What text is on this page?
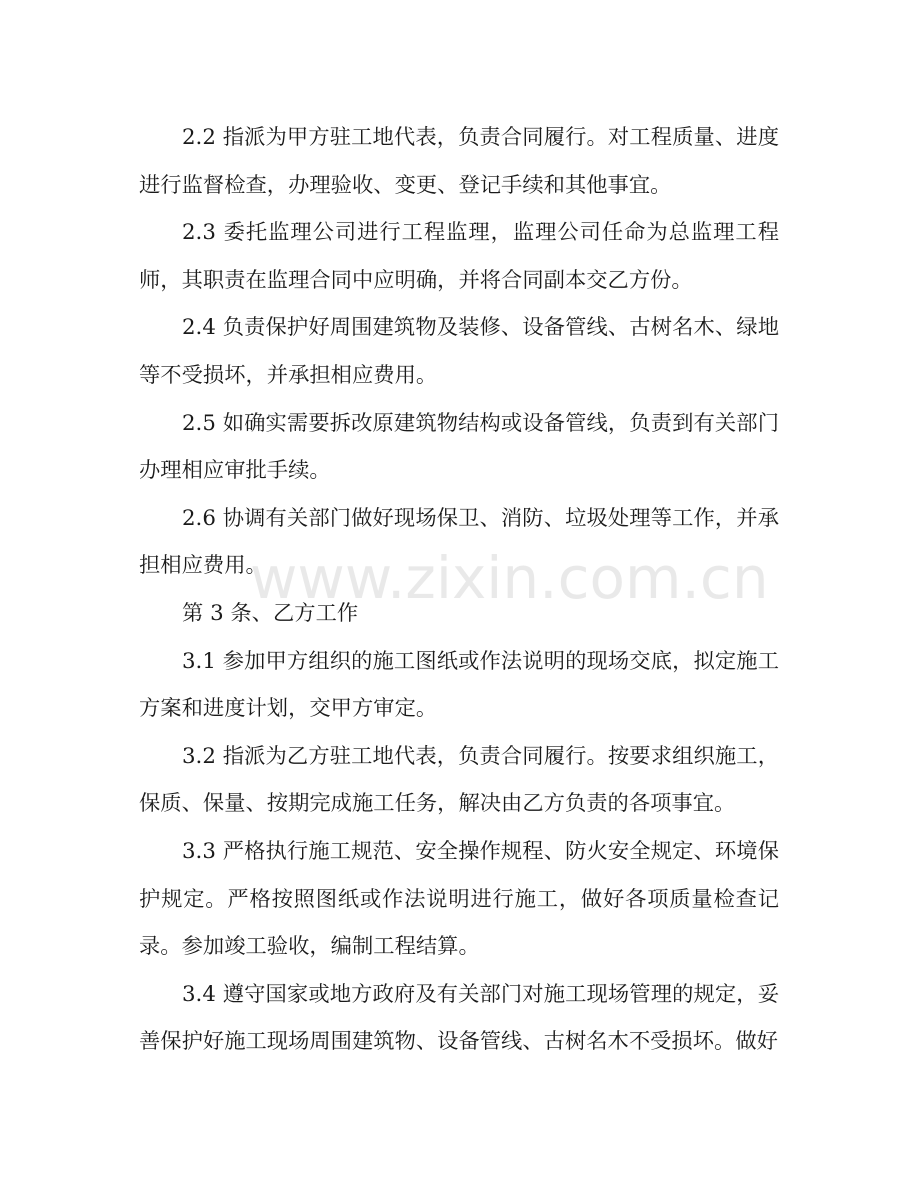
2.2 指派为甲方驻工地代表，负责合同履行。对工程质量、进度进行监督检查，办理验收、变更、登记手续和其他事宜。

2.3 委托监理公司进行工程监理，监理公司任命为总监理工程师，其职责在监理合同中应明确，并将合同副本交乙方份。

2.4 负责保护好周围建筑物及装修、设备管线、古树名木、绿地等不受损坏，并承担相应费用。

2.5 如确实需要拆改原建筑物结构或设备管线，负责到有关部门办理相应审批手续。

2.6 协调有关部门做好现场保卫、消防、垃圾处理等工作，并承担相应费用。

第 3 条、乙方工作

3.1 参加甲方组织的施工图纸或作法说明的现场交底，拟定施工方案和进度计划，交甲方审定。

3.2 指派为乙方驻工地代表，负责合同履行。按要求组织施工，保质、保量、按期完成施工任务，解决由乙方负责的各项事宜。

3.3 严格执行施工规范、安全操作规程、防火安全规定、环境保护规定。严格按照图纸或作法说明进行施工，做好各项质量检查记录。参加竣工验收，编制工程结算。

3.4 遵守国家或地方政府及有关部门对施工现场管理的规定，妥善保护好施工现场周围建筑物、设备管线、古树名木不受损坏。做好

www.zixin.com.cn
